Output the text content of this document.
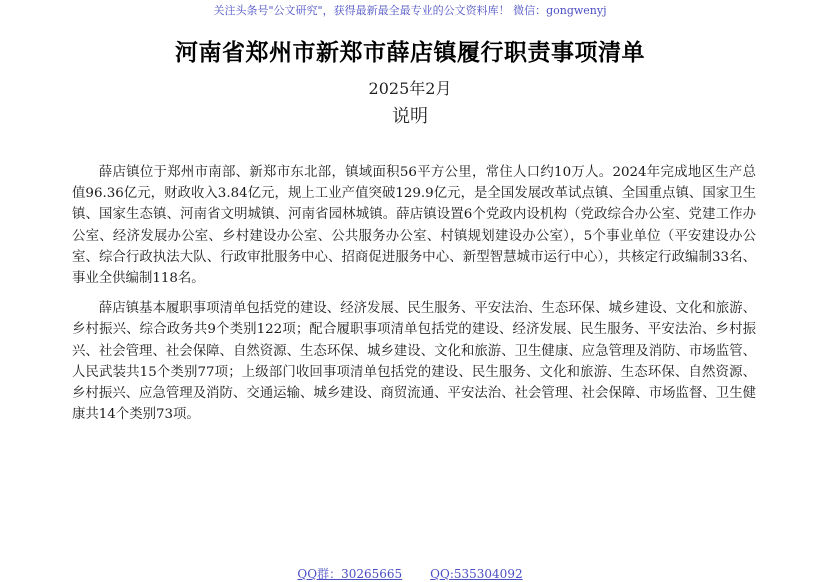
关注头条号"公文研究"，获得最新最全最专业的公文资料库！ 微信：gongwenyj
河南省郑州市新郑市薛店镇履行职责事项清单
2025年2月
说明

薛店镇位于郑州市南部、新郑市东北部，镇域面积56平方公里，常住人口约10万人。2024年完成地区生产总值96.36亿元，财政收入3.84亿元，规上工业产值突破129.9亿元，是全国发展改革试点镇、全国重点镇、国家卫生镇、国家生态镇、河南省文明城镇、河南省园林城镇。薛店镇设置6个党政内设机构（党政综合办公室、党建工作办公室、经济发展办公室、乡村建设办公室、公共服务办公室、村镇规划建设办公室），5个事业单位（平安建设办公室、综合行政执法大队、行政审批服务中心、招商促进服务中心、新型智慧城市运行中心），共核定行政编制33名、事业全供编制118名。

薛店镇基本履职事项清单包括党的建设、经济发展、民生服务、平安法治、生态环保、城乡建设、文化和旅游、乡村振兴、综合政务共9个类别122项；配合履职事项清单包括党的建设、经济发展、民生服务、平安法治、乡村振兴、社会管理、社会保障、自然资源、生态环保、城乡建设、文化和旅游、卫生健康、应急管理及消防、市场监管、人民武装共15个类别77项；上级部门收回事项清单包括党的建设、民生服务、文化和旅游、生态环保、自然资源、乡村振兴、应急管理及消防、交通运输、城乡建设、商贸流通、平安法治、社会管理、社会保障、市场监督、卫生健康共14个类别73项。

QQ群：30265665 QQ:535304092
